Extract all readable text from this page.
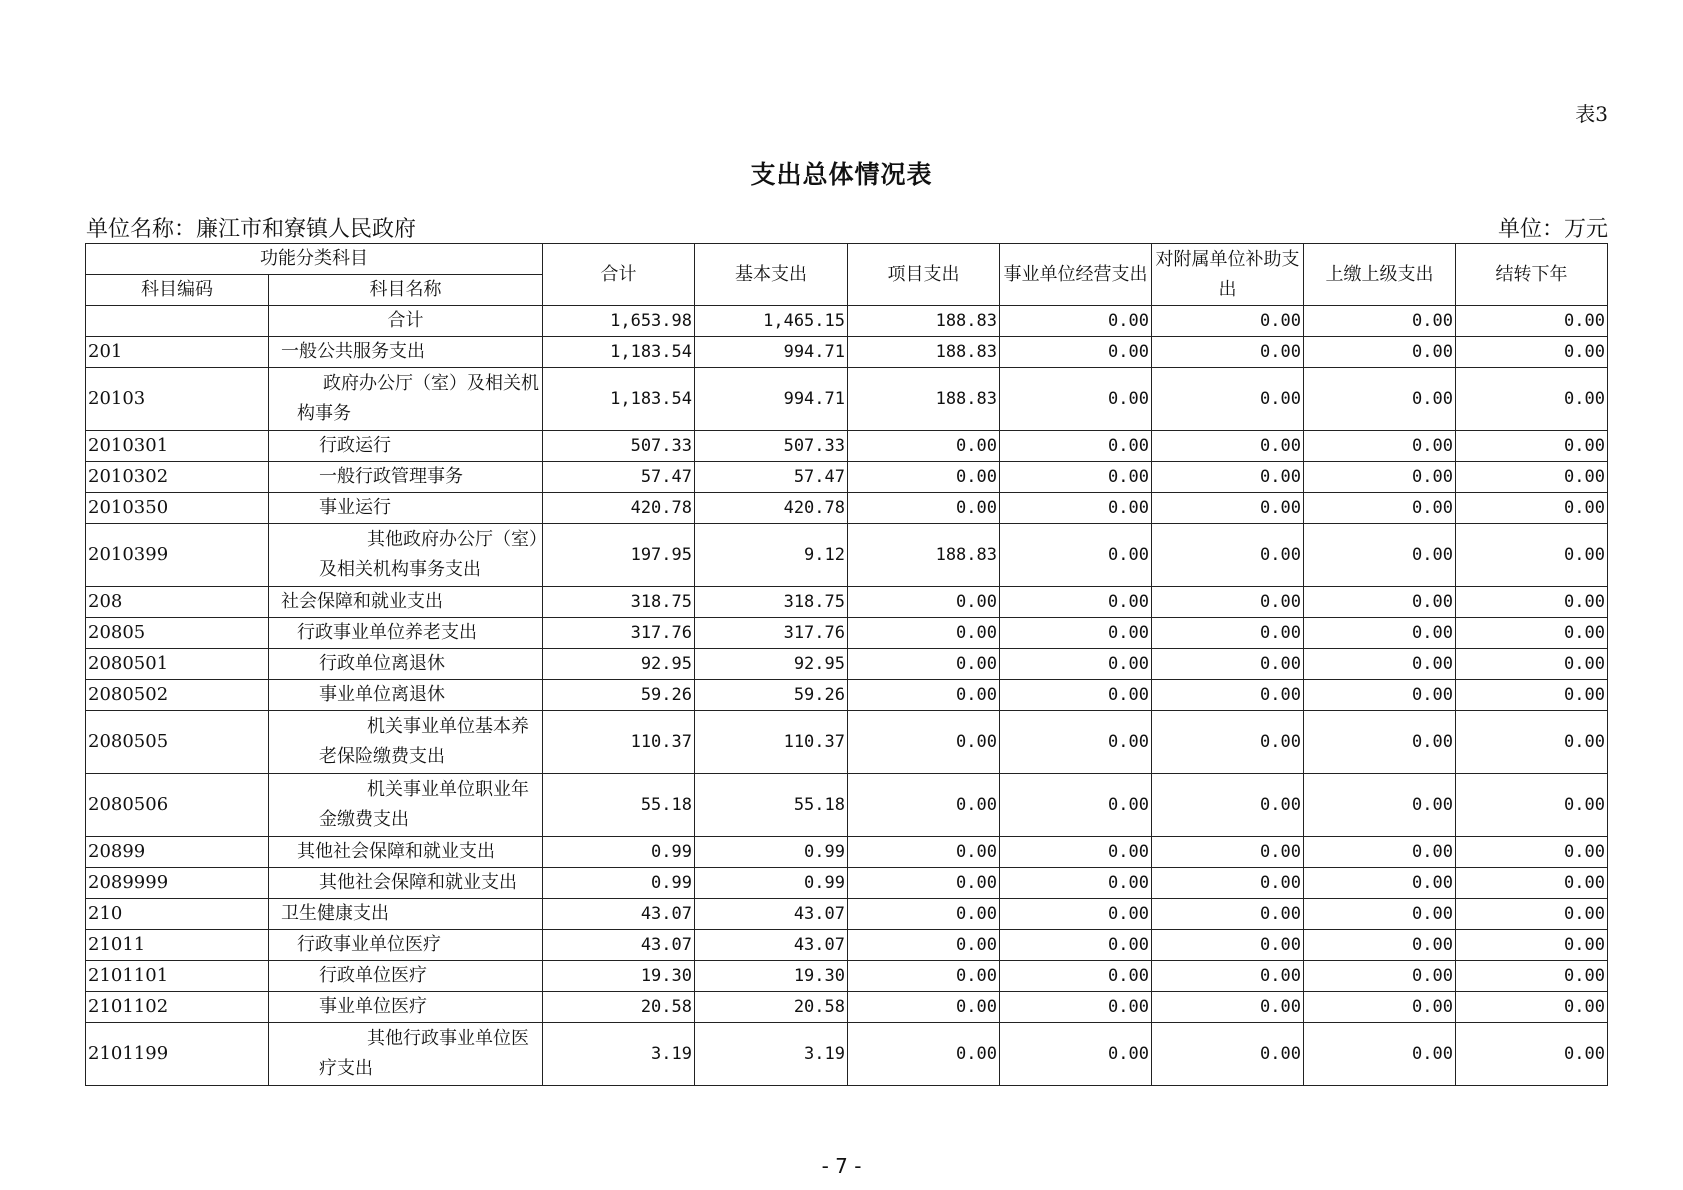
表3
支出总体情况表
单位名称：廉江市和寮镇人民政府	单位：万元
功能分类科目		合计	基本支出	项目支出	事业单位经营支出	对附属单位补助支出	上缴上级支出	结转下年
科目编码	科目名称							
	合计	1,653.98	1,465.15	188.83	0.00	0.00	0.00	0.00
201	一般公共服务支出	1,183.54	994.71	188.83	0.00	0.00	0.00	0.00
20103	政府办公厅（室）及相关机构事务	1,183.54	994.71	188.83	0.00	0.00	0.00	0.00
2010301	行政运行	507.33	507.33	0.00	0.00	0.00	0.00	0.00
2010302	一般行政管理事务	57.47	57.47	0.00	0.00	0.00	0.00	0.00
2010350	事业运行	420.78	420.78	0.00	0.00	0.00	0.00	0.00
2010399	其他政府办公厅（室）及相关机构事务支出	197.95	9.12	188.83	0.00	0.00	0.00	0.00
208	社会保障和就业支出	318.75	318.75	0.00	0.00	0.00	0.00	0.00
20805	行政事业单位养老支出	317.76	317.76	0.00	0.00	0.00	0.00	0.00
2080501	行政单位离退休	92.95	92.95	0.00	0.00	0.00	0.00	0.00
2080502	事业单位离退休	59.26	59.26	0.00	0.00	0.00	0.00	0.00
2080505	机关事业单位基本养老保险缴费支出	110.37	110.37	0.00	0.00	0.00	0.00	0.00
2080506	机关事业单位职业年金缴费支出	55.18	55.18	0.00	0.00	0.00	0.00	0.00
20899	其他社会保障和就业支出	0.99	0.99	0.00	0.00	0.00	0.00	0.00
2089999	其他社会保障和就业支出	0.99	0.99	0.00	0.00	0.00	0.00	0.00
210	卫生健康支出	43.07	43.07	0.00	0.00	0.00	0.00	0.00
21011	行政事业单位医疗	43.07	43.07	0.00	0.00	0.00	0.00	0.00
2101101	行政单位医疗	19.30	19.30	0.00	0.00	0.00	0.00	0.00
2101102	事业单位医疗	20.58	20.58	0.00	0.00	0.00	0.00	0.00
2101199	其他行政事业单位医疗支出	3.19	3.19	0.00	0.00	0.00	0.00	0.00
- 7 -
